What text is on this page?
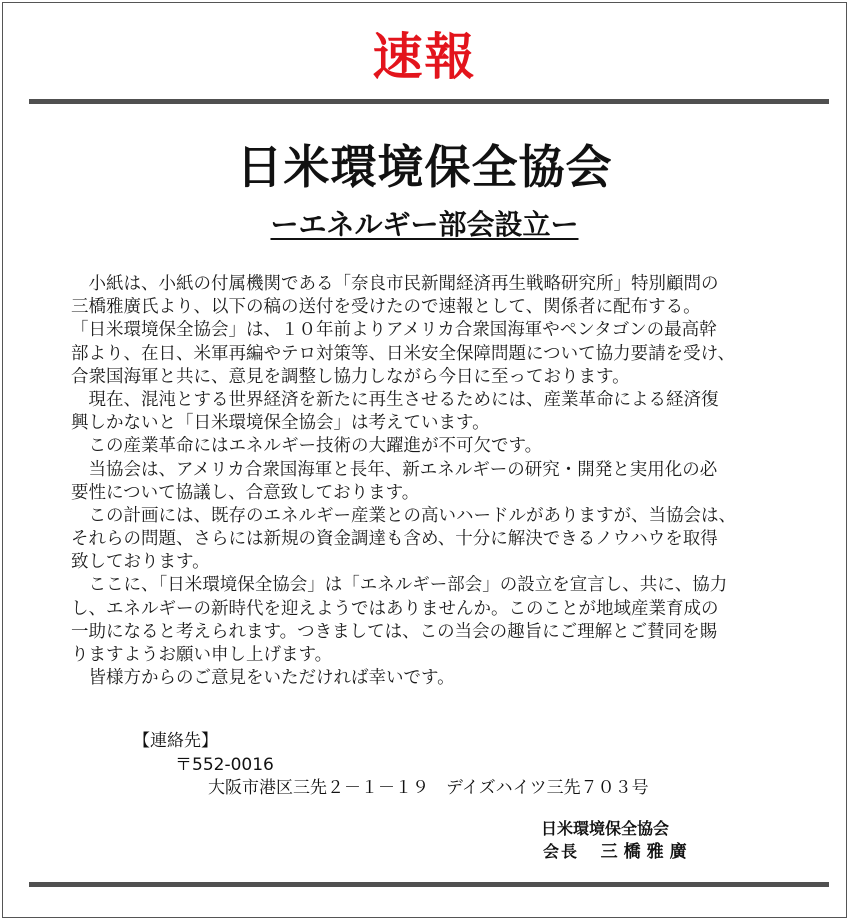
速報
日米環境保全協会
ーエネルギー部会設立ー
　小紙は、小紙の付属機関である「奈良市民新聞経済再生戦略研究所」特別顧問の
三橋雅廣氏より、以下の稿の送付を受けたので速報として、関係者に配布する。
「日米環境保全協会」は、１０年前よりアメリカ合衆国海軍やペンタゴンの最高幹
部より、在日、米軍再編やテロ対策等、日米安全保障問題について協力要請を受け、
合衆国海軍と共に、意見を調整し協力しながら今日に至っております。
　現在、混沌とする世界経済を新たに再生させるためには、産業革命による経済復
興しかないと「日米環境保全協会」は考えています。
　この産業革命にはエネルギー技術の大躍進が不可欠です。
　当協会は、アメリカ合衆国海軍と長年、新エネルギーの研究・開発と実用化の必
要性について協議し、合意致しております。
　この計画には、既存のエネルギー産業との高いハードルがありますが、当協会は、
それらの問題、さらには新規の資金調達も含め、十分に解決できるノウハウを取得
致しております。
　ここに、「日米環境保全協会」は「エネルギー部会」の設立を宣言し、共に、協力
し、エネルギーの新時代を迎えようではありませんか。このことが地域産業育成の
一助になると考えられます。つきましては、この当会の趣旨にご理解とご賛同を賜
りますようお願い申し上げます。
　皆様方からのご意見をいただければ幸いです。
【連絡先】
〒552-0016
大阪市港区三先２－１－１９　デイズハイツ三先７０３号
日米環境保全協会
会長 三橋雅廣
